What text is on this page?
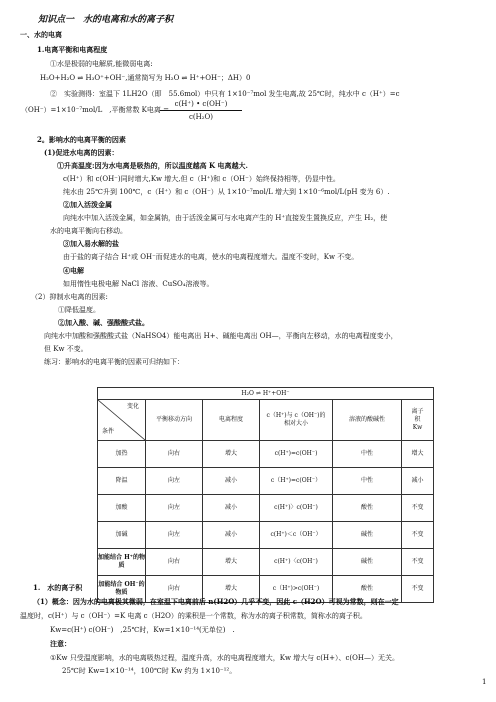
知识点一　水的电离和水的离子积
一、水的电离
1.电离平衡和电离程度
①水是极弱的电解质,能微弱电离:
H₂O+H₂O ⇌ H₃O⁺+OH⁻,通常简写为 H₂O ⇌ H⁺+OH⁻；ΔH）0
②　实验测得：室温下 1LH2O（即　55.6mol）中只有 1×10⁻⁷mol 发生电离,故 25℃时，纯水中 c（H⁺）=c
（OH⁻）=1×10⁻⁷mol/L　,平衡常数 K电离 =
c(H⁺) • c(OH⁻)
c(H₂O)
2。影响水的电离平衡的因素
(1)促进水电离的因素：
①升高温度:因为水电离是吸热的，所以温度越高 K 电离越大.
c(H⁺）和 c(OH⁻)同时增大,Kw 增大,但 c（H⁺)和 c（OH⁻）始终保持相等，仍显中性。
纯水由 25℃升到 100℃，c（H⁺）和 c（OH⁻）从 1×10⁻⁷mol/L 增大到 1×10⁻⁶mol/L(pH 变为 6）.
②加入活泼金属
向纯水中加入活泼金属，如金属钠，由于活泼金属可与水电离产生的 H⁺直接发生置换反应，产生 H₂，使
水的电离平衡向右移动。
③加入易水解的盐
由于盐的离子结合 H⁺或 OH⁻而促进水的电离，使水的电离程度增大。温度不变时，Kw 不变。
④电解
如用惰性电极电解 NaCl 溶液、CuSO₄溶液等。
（2）抑制水电离的因素:
①降低温度。
②加入酸、碱、强酸酸式盐。
向纯水中加酸和强酸酸式盐（NaHSO4）能电离出 H+、碱能电离出 OH—，平衡向左移动，水的电离程度变小，
但 Kw 不变。
练习：影响水的电离平衡的因素可归纳如下：
H₂O ⇌ H⁺+OH⁻					

变化
条件	平衡移动方向	电离程度	c（H⁺)与 c（OH⁻)的相对大小	溶液的酸碱性	离子积 Kw
加热	向右	增大	c(H⁺)=c(OH⁻)	中性	增大
降温	向左	减小	c（H⁺)=c(OH⁻）	中性	减小
加酸	向左	减小	c(H⁺)〉c(OH⁻)	酸性	不变
加碱	向左	减小	c(H⁺)＜c（OH⁻）	碱性	不变
加能结合 H⁺的物质	向右	增大	c(H⁺)〈c(OH⁻)	碱性	不变
加能结合 OH⁻的物质	向右	增大	c（H⁺)>c(OH⁻)	酸性	不变
1.　水的离子积
（1）概念：因为水的电离极其微弱，在室温下电离前后 n(H2O）几乎不变，因此 c（H2O）可视为常数，则在一定
温度时，c(H⁺）与 c（OH⁻）=K 电离 c（H2O）的乘积是一个常数，称为水的离子积常数，简称水的离子积。
Kw=c(H⁺) c(OH⁻)　,25℃时，Kw=1×10⁻¹⁴(无单位)　.
注意：
①Kw 只受温度影响，水的电离吸热过程，温度升高，水的电离程度增大，Kw 增大与 c(H+）、c(OH—）无关。
25℃时 Kw=1×10⁻¹⁴，100℃时 Kw 约为 1×10⁻¹²。
1
